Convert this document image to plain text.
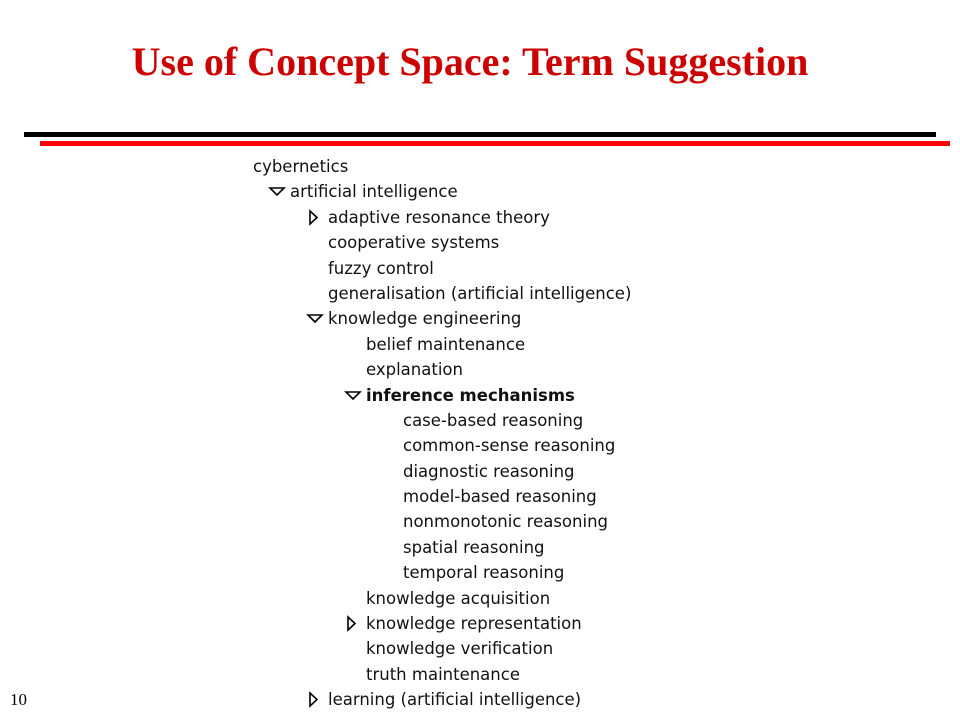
Use of Concept Space: Term Suggestion
cybernetics
artificial intelligence
adaptive resonance theory
cooperative systems
fuzzy control
generalisation (artificial intelligence)
knowledge engineering
belief maintenance
explanation
inference mechanisms
case-based reasoning
common-sense reasoning
diagnostic reasoning
model-based reasoning
nonmonotonic reasoning
spatial reasoning
temporal reasoning
knowledge acquisition
knowledge representation
knowledge verification
truth maintenance
learning (artificial intelligence)
10
